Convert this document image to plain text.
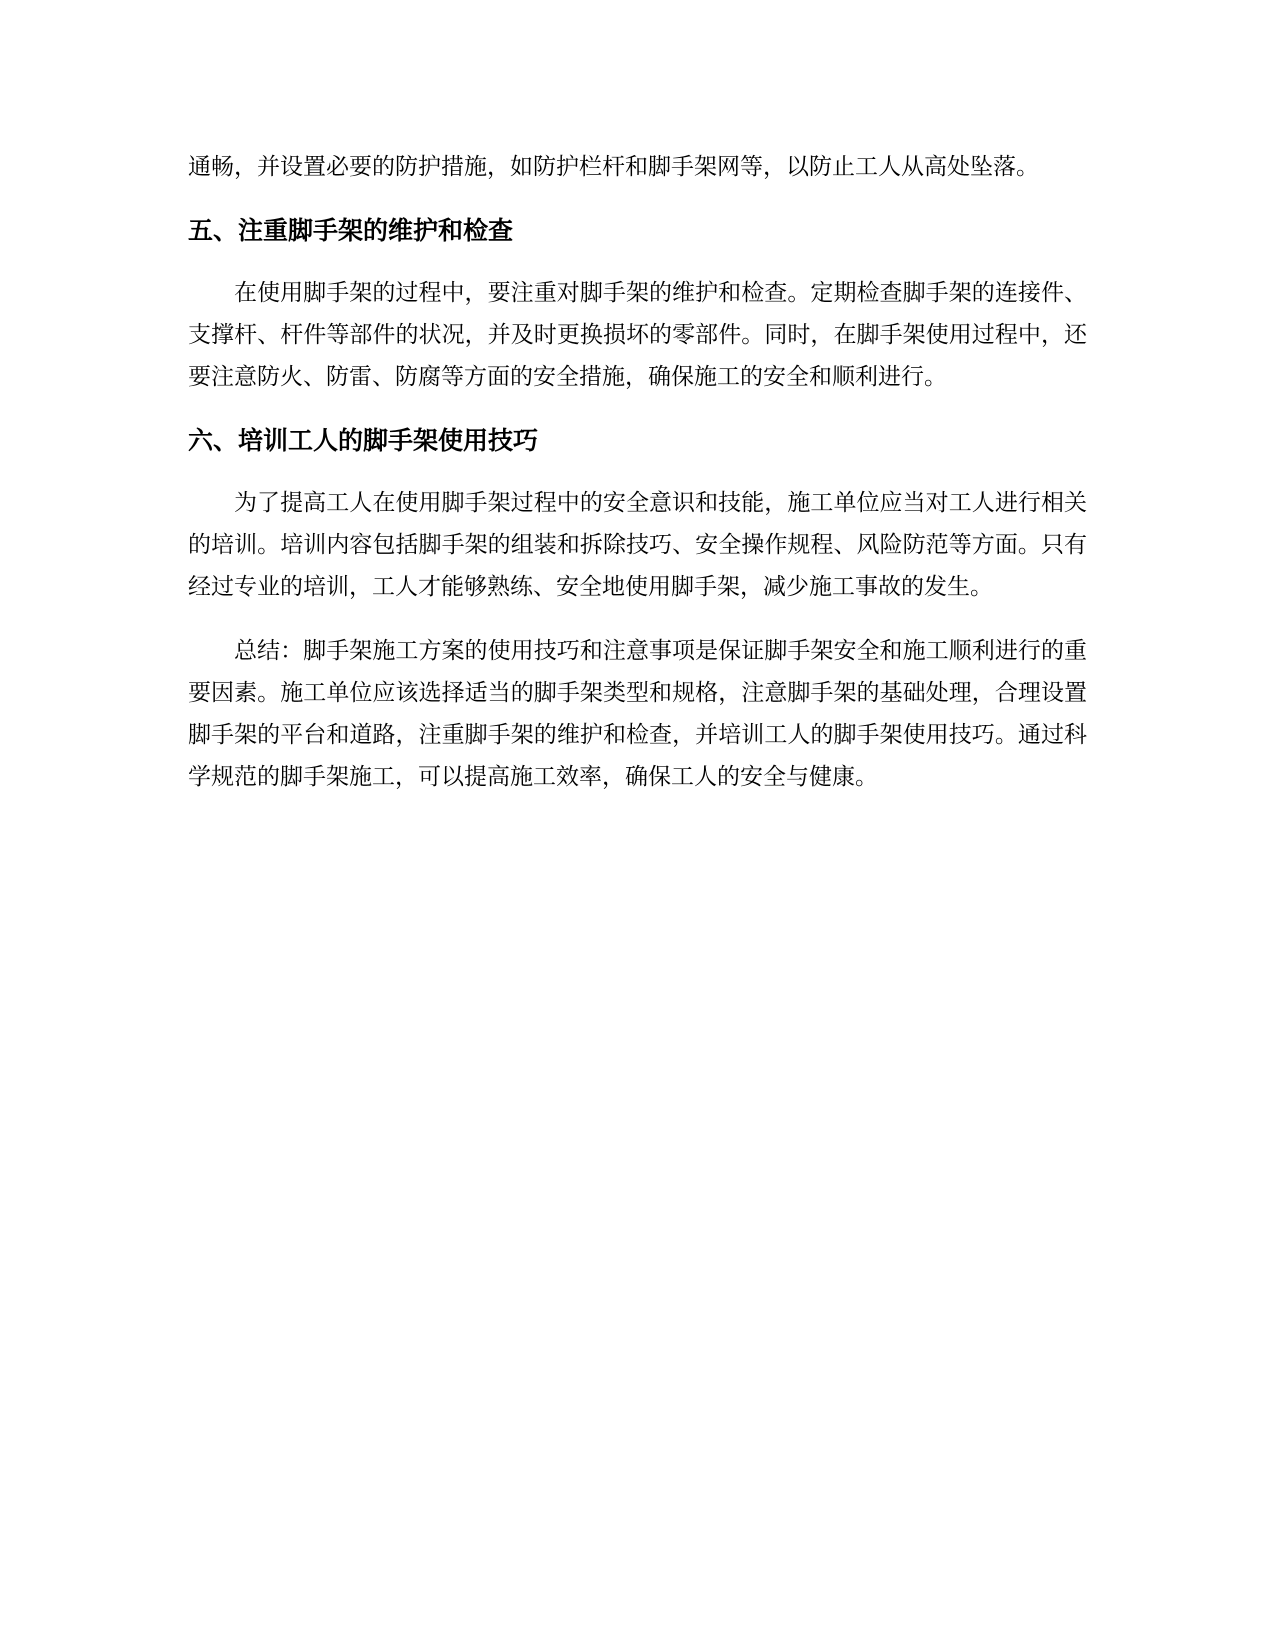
通畅，并设置必要的防护措施，如防护栏杆和脚手架网等，以防止工人从高处坠落。

五、注重脚手架的维护和检查

在使用脚手架的过程中，要注重对脚手架的维护和检查。定期检查脚手架的连接件、支撑杆、杆件等部件的状况，并及时更换损坏的零部件。同时，在脚手架使用过程中，还要注意防火、防雷、防腐等方面的安全措施，确保施工的安全和顺利进行。

六、培训工人的脚手架使用技巧

为了提高工人在使用脚手架过程中的安全意识和技能，施工单位应当对工人进行相关的培训。培训内容包括脚手架的组装和拆除技巧、安全操作规程、风险防范等方面。只有经过专业的培训，工人才能够熟练、安全地使用脚手架，减少施工事故的发生。

总结：脚手架施工方案的使用技巧和注意事项是保证脚手架安全和施工顺利进行的重要因素。施工单位应该选择适当的脚手架类型和规格，注意脚手架的基础处理，合理设置脚手架的平台和道路，注重脚手架的维护和检查，并培训工人的脚手架使用技巧。通过科学规范的脚手架施工，可以提高施工效率，确保工人的安全与健康。
